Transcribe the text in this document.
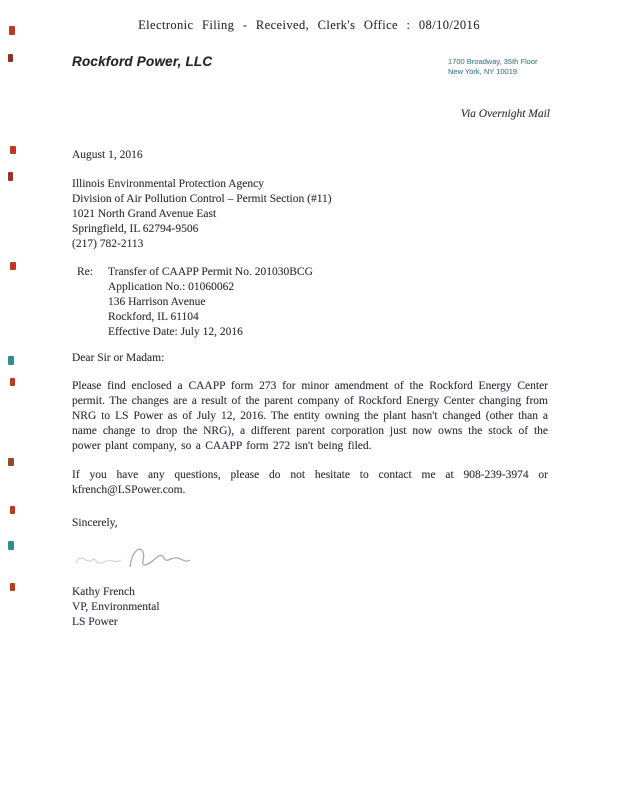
Electronic Filing - Received, Clerk's Office : 08/10/2016
Rockford Power, LLC	1700 Broadway, 35th Floor
New York, NY 10019
Via Overnight Mail
August 1, 2016
Illinois Environmental Protection Agency
Division of Air Pollution Control – Permit Section (#11)
1021 North Grand Avenue East
Springfield, IL 62794-9506
(217) 782-2113
Re:	Transfer of CAAPP Permit No. 201030BCG
Application No.: 01060062
136 Harrison Avenue
Rockford, IL 61104
Effective Date: July 12, 2016
Dear Sir or Madam:

Please find enclosed a CAAPP form 273 for minor amendment of the Rockford Energy Center permit. The changes are a result of the parent company of Rockford Energy Center changing from NRG to LS Power as of July 12, 2016. The entity owning the plant hasn't changed (other than a name change to drop the NRG), a different parent corporation just now owns the stock of the power plant company, so a CAAPP form 272 isn't being filed.

If you have any questions, please do not hesitate to contact me at 908-239-3974 or kfrench@LSPower.com.

Sincerely,
Kathy French
VP, Environmental
LS Power
